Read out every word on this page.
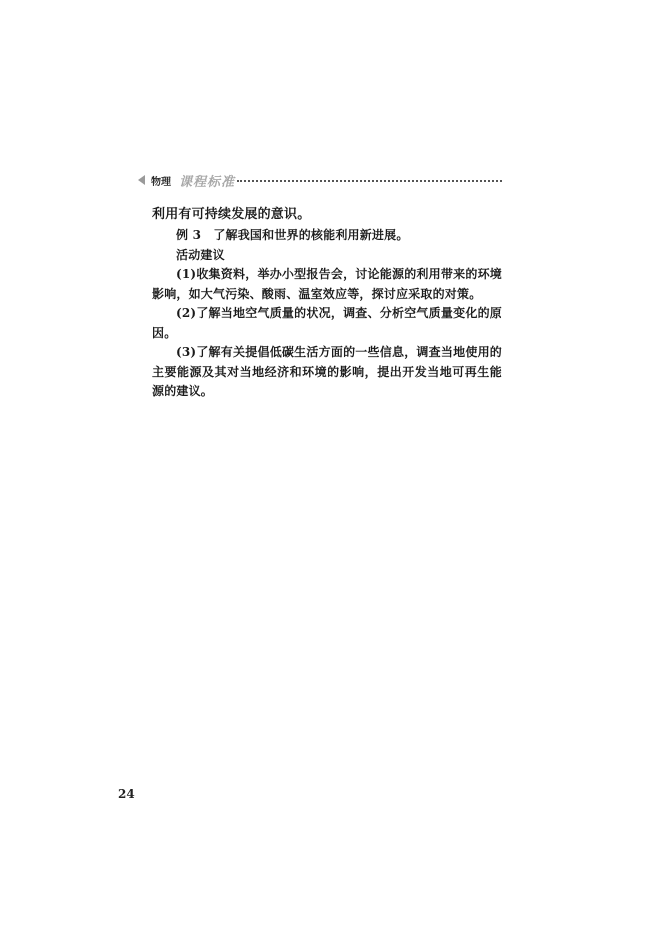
物理 课程标准

利用有可持续发展的意识。

例 3　了解我国和世界的核能利用新进展。

活动建议

(1)收集资料，举办小型报告会，讨论能源的利用带来的环境影响，如大气污染、酸雨、温室效应等，探讨应采取的对策。

(2)了解当地空气质量的状况，调查、分析空气质量变化的原因。

(3)了解有关提倡低碳生活方面的一些信息，调查当地使用的主要能源及其对当地经济和环境的影响，提出开发当地可再生能源的建议。

24
